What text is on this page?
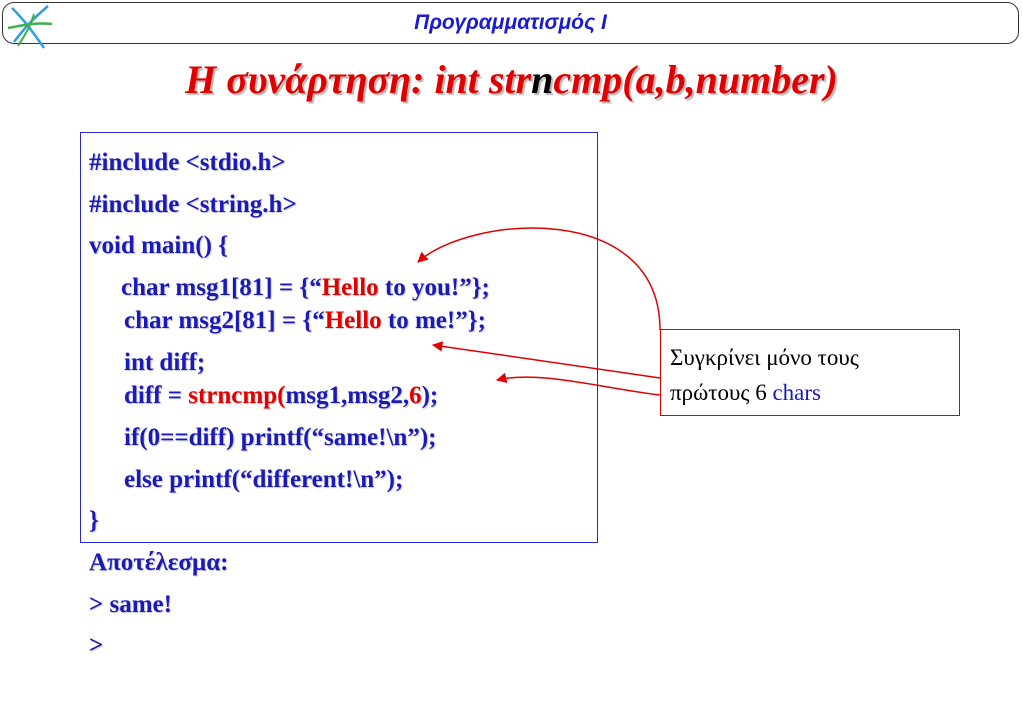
Προγραμματισμός Ι
Η συνάρτηση: int strncmp(a,b,number)
#include <stdio.h>
#include <string.h>
void main() {
char msg1[81] = {“Hello to you!”};
char msg2[81] = {“Hello to me!”};
int diff;
diff = strncmp(msg1,msg2,6);
if(0==diff) printf(“same!\n”);
else printf(“different!\n”);
}
Αποτέλεσμα:
> same!
>
Συγκρίνει μόνο τους
πρώτους 6 chars
